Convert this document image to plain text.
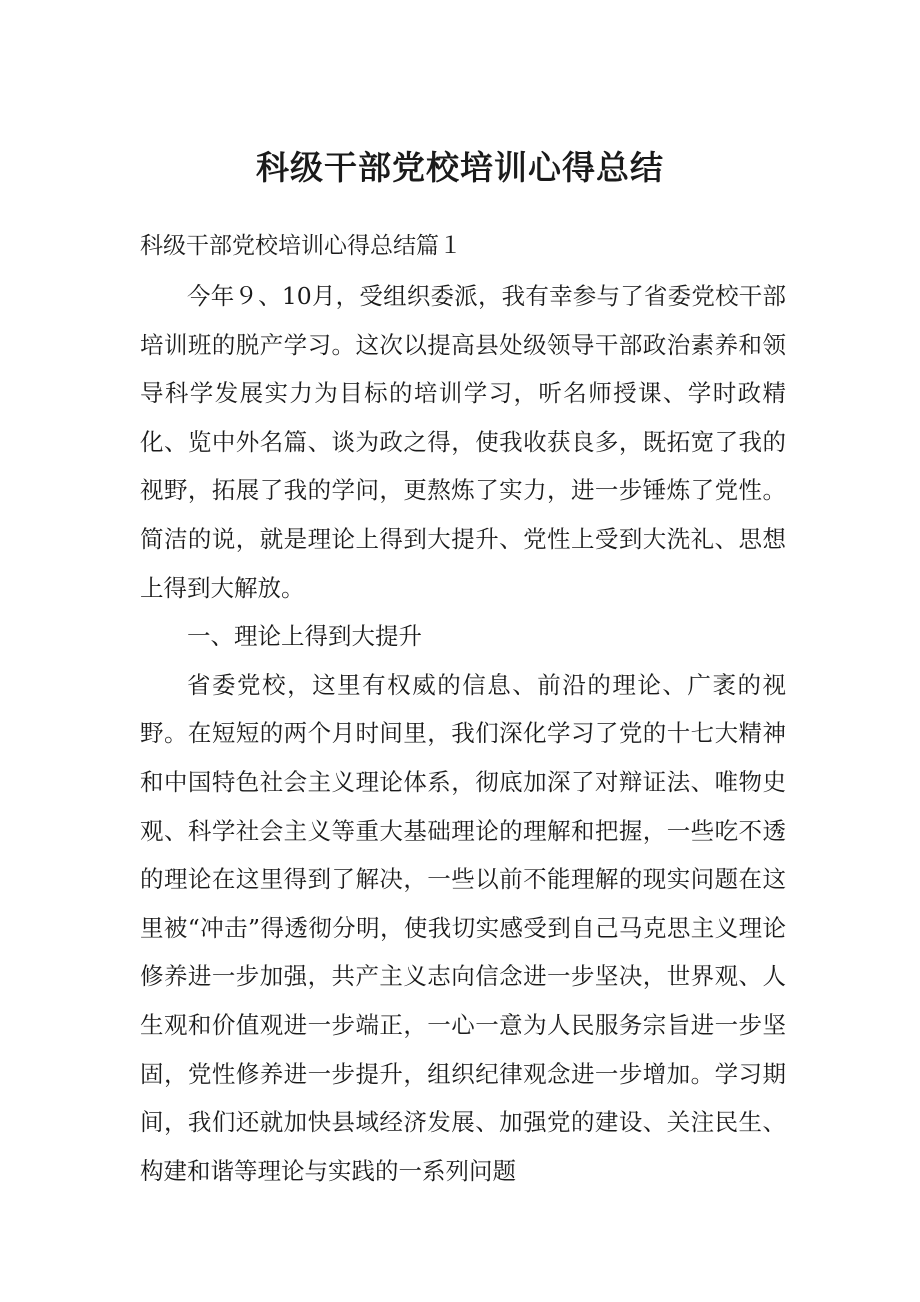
科级干部党校培训心得总结
科级干部党校培训心得总结篇１

今年９、10月，受组织委派，我有幸参与了省委党校干部培训班的脱产学习。这次以提高县处级领导干部政治素养和领导科学发展实力为目标的培训学习，听名师授课、学时政精化、览中外名篇、谈为政之得，使我收获良多，既拓宽了我的视野，拓展了我的学问，更熬炼了实力，进一步锤炼了党性。简洁的说，就是理论上得到大提升、党性上受到大洗礼、思想上得到大解放。

一、理论上得到大提升

省委党校，这里有权威的信息、前沿的理论、广袤的视野。在短短的两个月时间里，我们深化学习了党的十七大精神和中国特色社会主义理论体系，彻底加深了对辩证法、唯物史观、科学社会主义等重大基础理论的理解和把握，一些吃不透的理论在这里得到了解决，一些以前不能理解的现实问题在这里被“冲击”得透彻分明，使我切实感受到自己马克思主义理论修养进一步加强，共产主义志向信念进一步坚决，世界观、人生观和价值观进一步端正，一心一意为人民服务宗旨进一步坚固，党性修养进一步提升，组织纪律观念进一步增加。学习期间，我们还就加快县域经济发展、加强党的建设、关注民生、构建和谐等理论与实践的一系列问题
